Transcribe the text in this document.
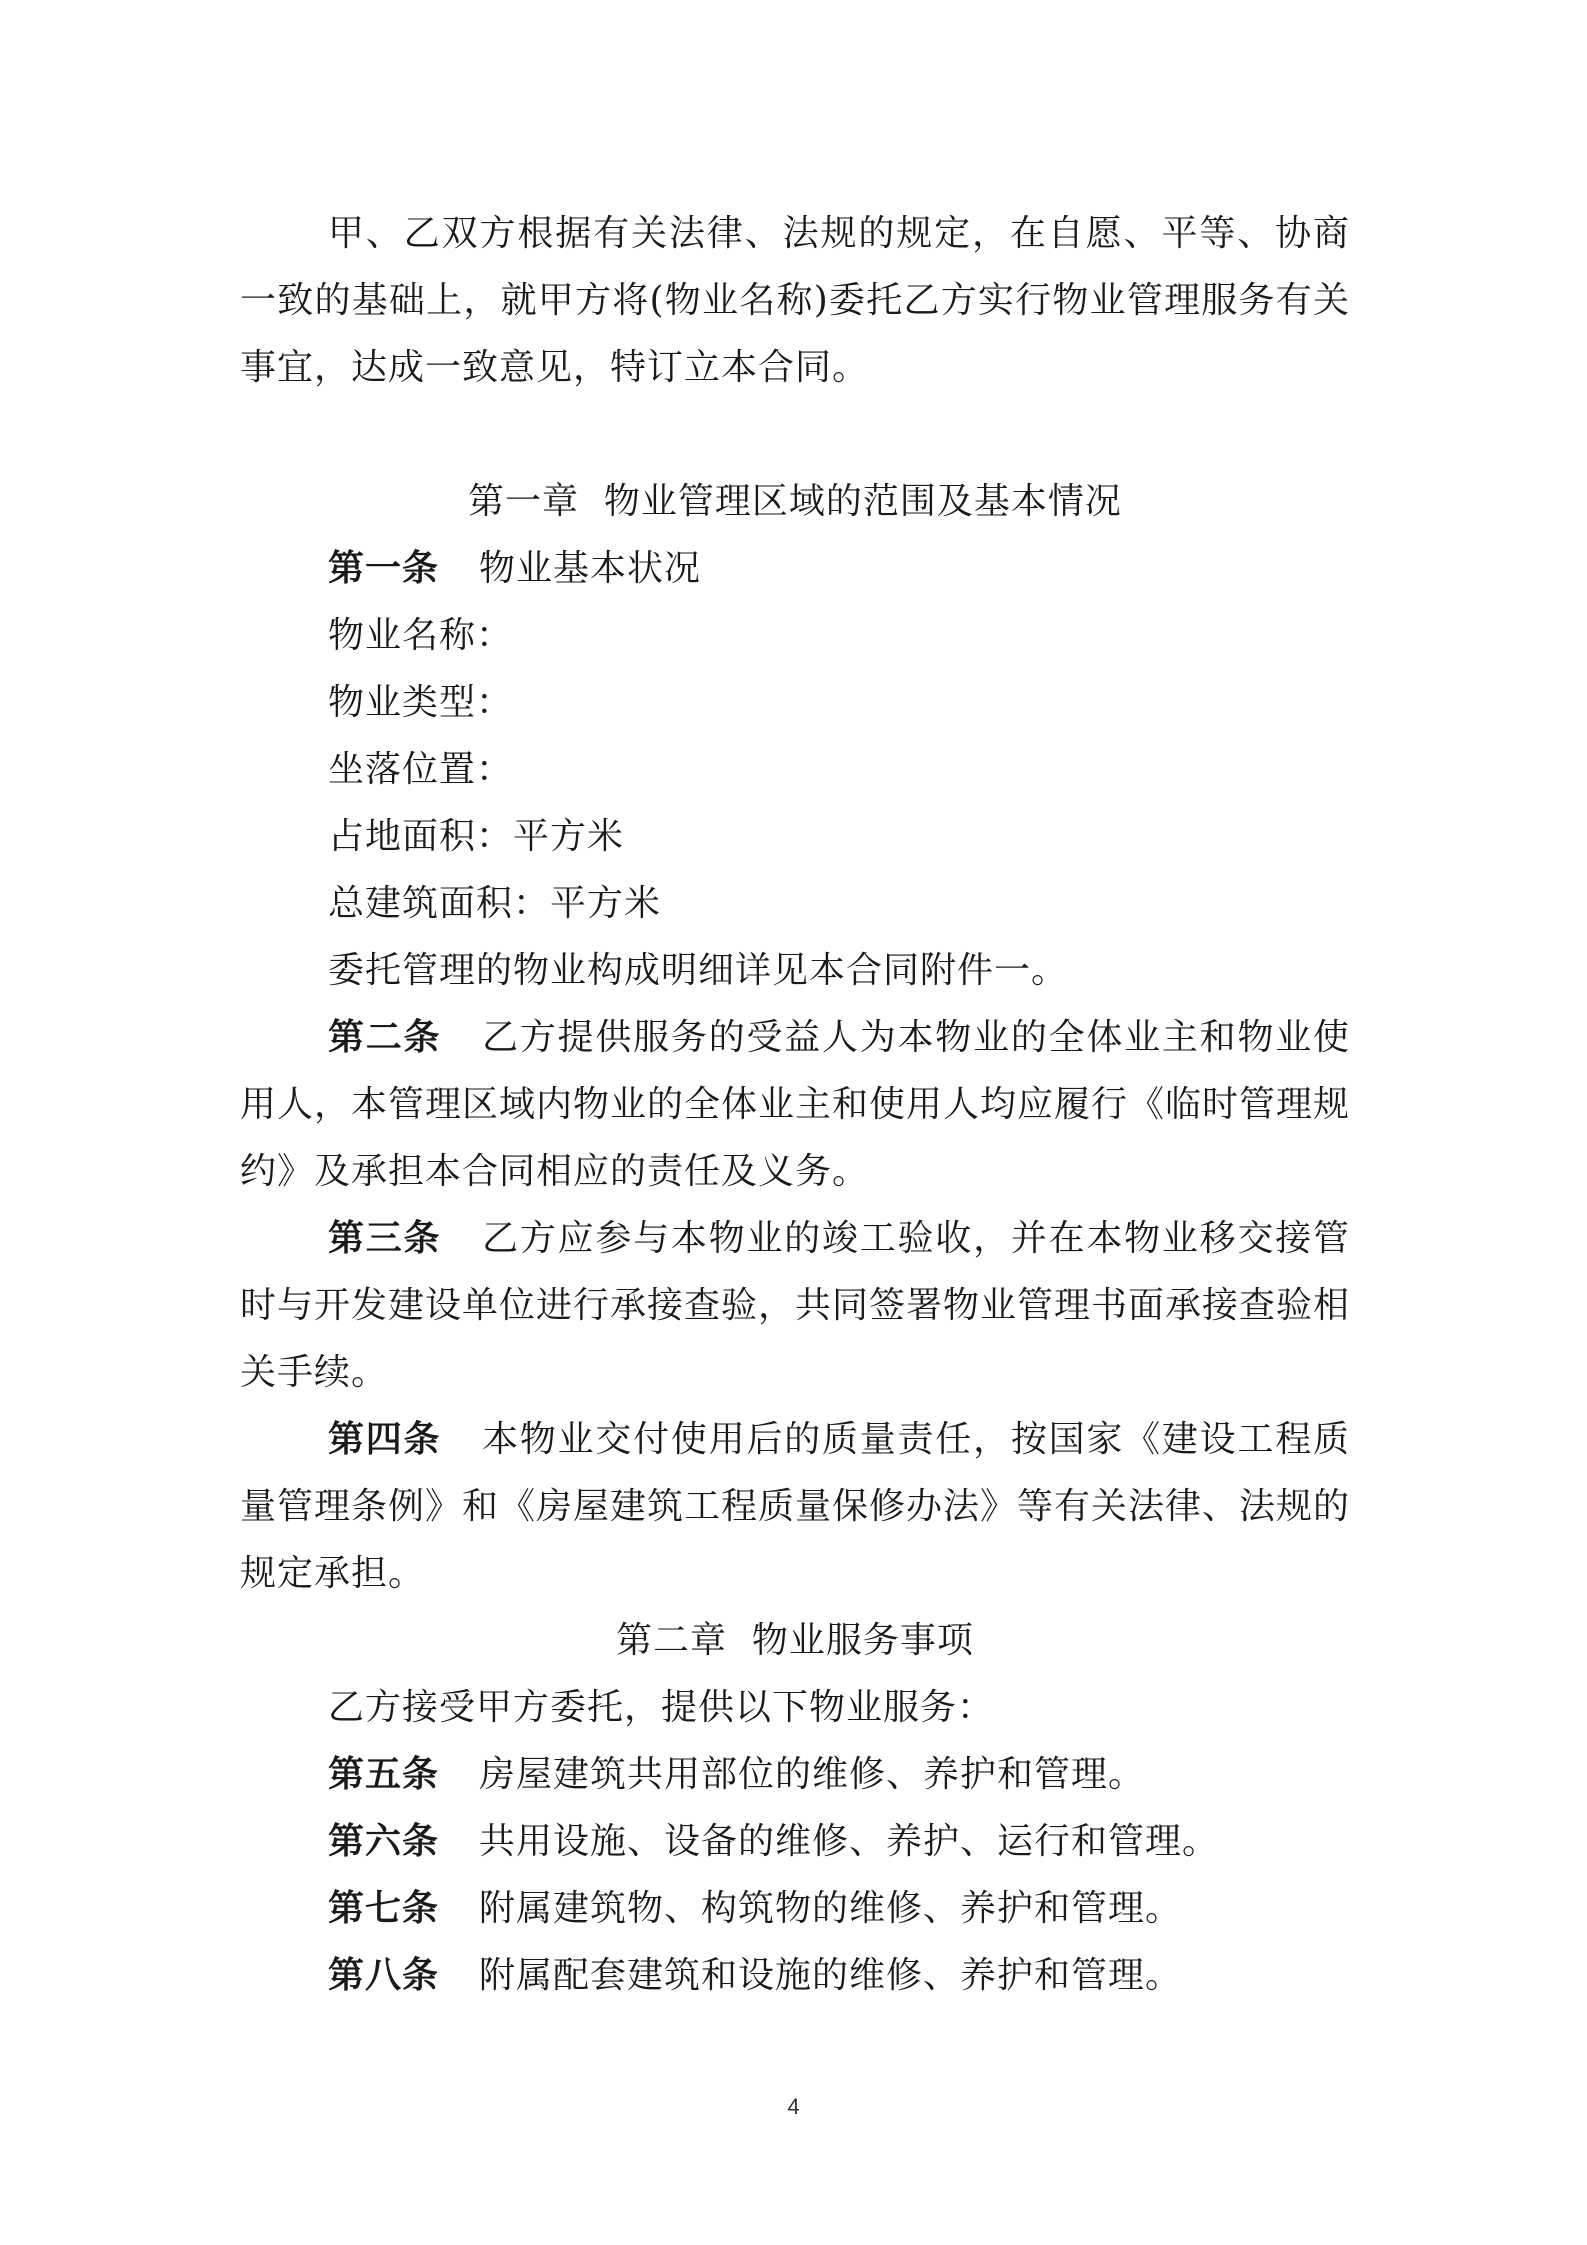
甲、乙双方根据有关法律、法规的规定，在自愿、平等、协商一致的基础上，就甲方将(物业名称)委托乙方实行物业管理服务有关事宜，达成一致意见，特订立本合同。

第一章  物业管理区域的范围及基本情况

第一条 物业基本状况

物业名称：

物业类型：

坐落位置：

占地面积：平方米

总建筑面积：平方米

委托管理的物业构成明细详见本合同附件一。

第二条 乙方提供服务的受益人为本物业的全体业主和物业使用人，本管理区域内物业的全体业主和使用人均应履行《临时管理规约》及承担本合同相应的责任及义务。

第三条 乙方应参与本物业的竣工验收，并在本物业移交接管时与开发建设单位进行承接查验，共同签署物业管理书面承接查验相关手续。

第四条 本物业交付使用后的质量责任，按国家《建设工程质量管理条例》和《房屋建筑工程质量保修办法》等有关法律、法规的规定承担。

第二章  物业服务事项

乙方接受甲方委托，提供以下物业服务：

第五条 房屋建筑共用部位的维修、养护和管理。

第六条 共用设施、设备的维修、养护、运行和管理。

第七条 附属建筑物、构筑物的维修、养护和管理。

第八条 附属配套建筑和设施的维修、养护和管理。

4
